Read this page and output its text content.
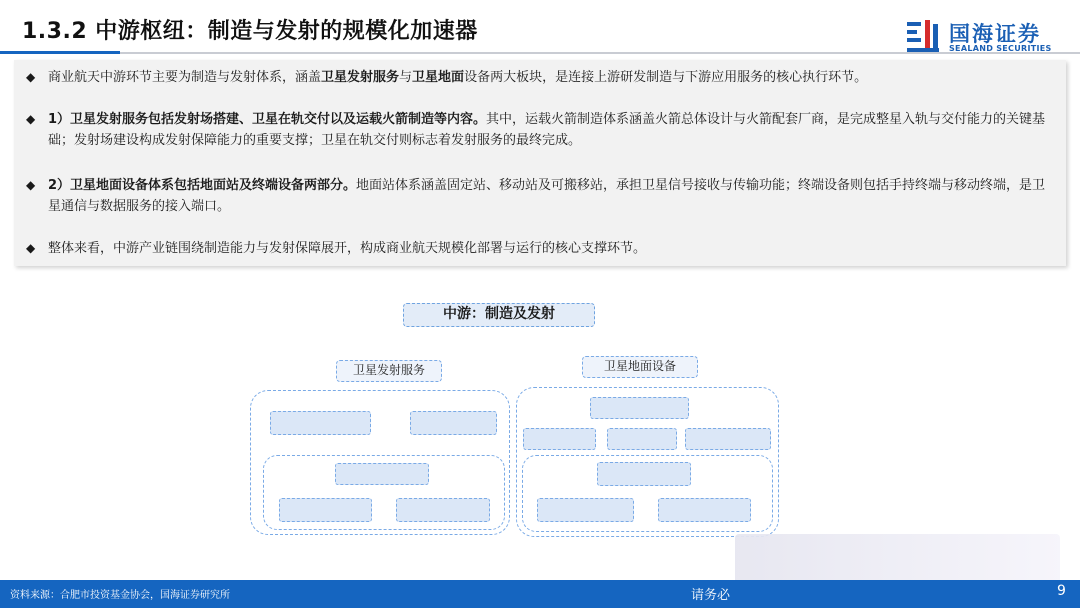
1.3.2 中游枢纽：制造与发射的规模化加速器	国海证券
SEALAND SECURITIES
◆ 商业航天中游环节主要为制造与发射体系，涵盖卫星发射服务与卫星地面设备两大板块，是连接上游研发制造与下游应用服务的核心执行环节。
◆ 1）卫星发射服务包括发射场搭建、卫星在轨交付以及运载火箭制造等内容。其中，运载火箭制造体系涵盖火箭总体设计与火箭配套厂商，是完成整星入轨与交付能力的关键基础；发射场建设构成发射保障能力的重要支撑；卫星在轨交付则标志着发射服务的最终完成。
◆ 2）卫星地面设备体系包括地面站及终端设备两部分。地面站体系涵盖固定站、移动站及可搬移站，承担卫星信号接收与传输功能；终端设备则包括手持终端与移动终端，是卫星通信与数据服务的接入端口。
◆ 整体来看，中游产业链围绕制造能力与发射保障展开，构成商业航天规模化部署与运行的核心支撑环节。
中游：制造及发射
卫星发射服务	卫星地面设备
资料来源：合肥市投资基金协会，国海证券研究所	请务必	9
